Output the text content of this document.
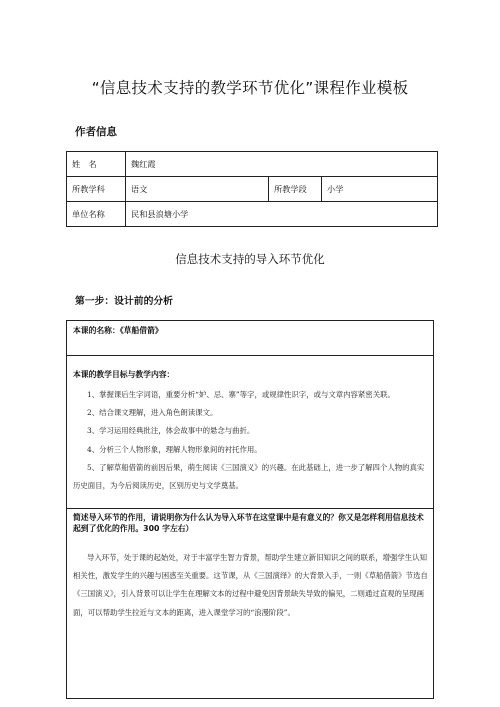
“信息技术支持的教学环节优化”课程作业模板
作者信息
姓　名	魏红霞		
所教学科	语文	所教学段	小学
单位名称	民和县浪塘小学		
信息技术支持的导入环节优化
第一步：设计前的分析
本课的名称：《草船借箭》
本课的教学目标与教学内容：

1、掌握课后生字词语，重要分析“妒、忌、寨”等字，或规律性识字，或与文章内容紧密关联。

2、结合课文理解，进入角色朗读课文。

3、学习运用经典批注，体会故事中的悬念与曲折。

4、分析三个人物形象，理解人物形象间的衬托作用。

5、了解草船借箭的前因后果，萌生阅读《三国演义》的兴趣。在此基础上，进一步了解四个人物的真实历史面目，为今后阅读历史，区别历史与文学奠基。

简述导入环节的作用，请说明你为什么认为导入环节在这堂课中是有意义的？你又是怎样利用信息技术起到了优化的作用。300 字左右）

导入环节，处于课的起始处，对于丰富学生智力背景，帮助学生建立新旧知识之间的联系，增强学生认知相关性，激发学生的兴趣与困惑至关重要。这节课，从《三国演绎》的大背景入手，一则《草船借箭》节选自《三国演义》，引入背景可以让学生在理解文本的过程中避免因背景缺失导致的偏见，二则通过直观的呈现画面，可以帮助学生拉近与文本的距离，进入课堂学习的“浪漫阶段”。
